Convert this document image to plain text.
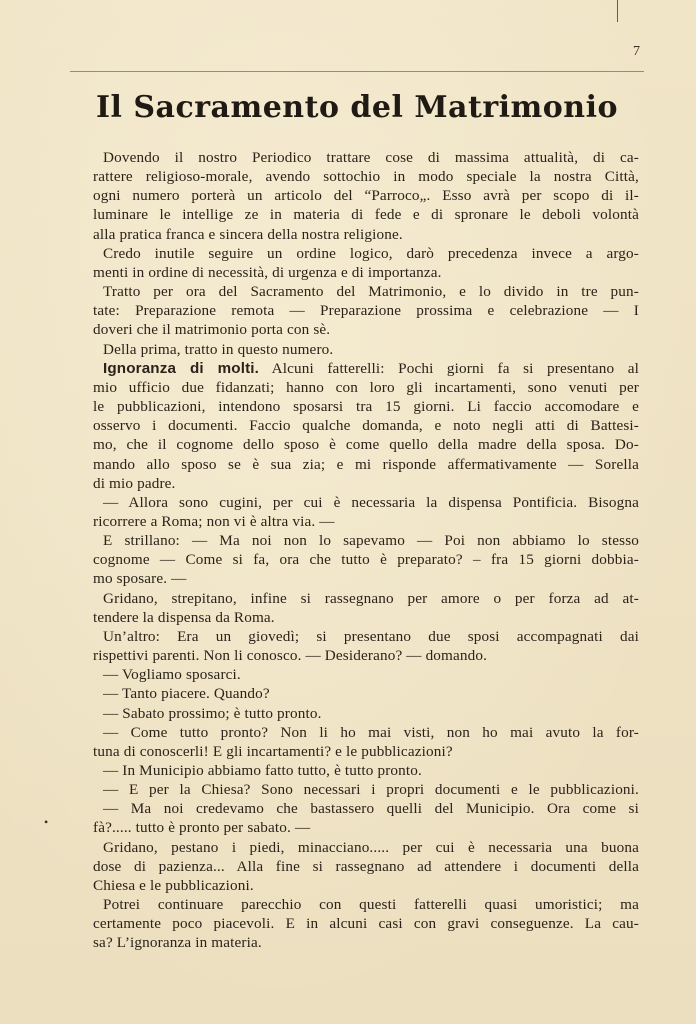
7
Il Sacramento del Matrimonio
Dovendo il nostro Periodico trattare cose di massima attualità, di ca-
rattere religioso-morale, avendo sottochio in modo speciale la nostra Città,
ogni numero porterà un articolo del “Parroco„. Esso avrà per scopo di il-
luminare le intellige ze in materia di fede e di spronare le deboli volontà
alla pratica franca e sincera della nostra religione.
Credo inutile seguire un ordine logico, darò precedenza invece a argo-
menti in ordine di necessità, di urgenza e di importanza.
Tratto per ora del Sacramento del Matrimonio, e lo divido in tre pun-
tate: Preparazione remota — Preparazione prossima e celebrazione — I
doveri che il matrimonio porta con sè.
Della prima, tratto in questo numero.
Ignoranza di molti. Alcuni fatterelli: Pochi giorni fa si presentano al
mio ufficio due fidanzati; hanno con loro gli incartamenti, sono venuti per
le pubblicazioni, intendono sposarsi tra 15 giorni. Li faccio accomodare e
osservo i documenti. Faccio qualche domanda, e noto negli atti di Battesi-
mo, che il cognome dello sposo è come quello della madre della sposa. Do-
mando allo sposo se è sua zia; e mi risponde affermativamente — Sorella
di mio padre.
— Allora sono cugini, per cui è necessaria la dispensa Pontificia. Bisogna
ricorrere a Roma; non vi è altra via. —
E strillano: — Ma noi non lo sapevamo — Poi non abbiamo lo stesso
cognome — Come si fa, ora che tutto è preparato? – fra 15 giorni dobbia-
mo sposare. —
Gridano, strepitano, infine si rassegnano per amore o per forza ad at-
tendere la dispensa da Roma.
Un’altro: Era un giovedì; si presentano due sposi accompagnati dai
rispettivi parenti. Non li conosco. — Desiderano? — domando.
— Vogliamo sposarci.
— Tanto piacere. Quando?
— Sabato prossimo; è tutto pronto.
— Come tutto pronto? Non li ho mai visti, non ho mai avuto la for-
tuna di conoscerli! E gli incartamenti? e le pubblicazioni?
— In Municipio abbiamo fatto tutto, è tutto pronto.
— E per la Chiesa? Sono necessari i propri documenti e le pubblicazioni.
— Ma noi credevamo che bastassero quelli del Municipio. Ora come si
fà?..... tutto è pronto per sabato. —
Gridano, pestano i piedi, minacciano..... per cui è necessaria una buona
dose di pazienza... Alla fine si rassegnano ad attendere i documenti della
Chiesa e le pubblicazioni.
Potrei continuare parecchio con questi fatterelli quasi umoristici; ma
certamente poco piacevoli. E in alcuni casi con gravi conseguenze. La cau-
sa? L’ignoranza in materia.
•
